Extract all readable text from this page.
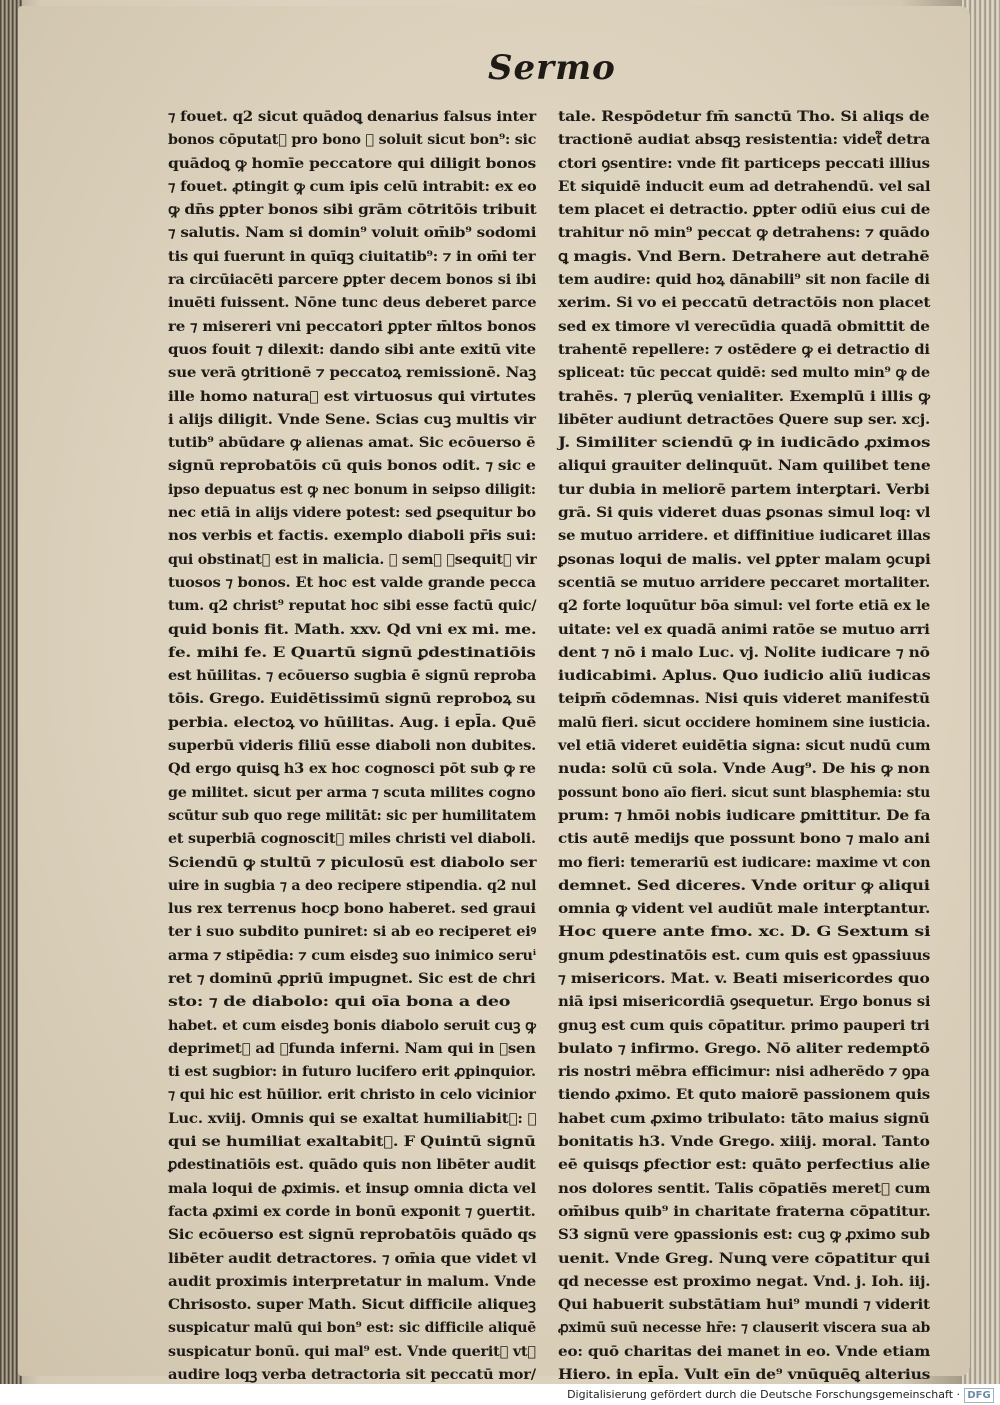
Sermo
⁊ fouet. q2 sicut quādoꝗ denarius falsus inter
bonos cōputat᷑ pro bono ⁊ soluit sicut bon⁹: sic
quādoꝗ ꝙ homīe peccatore qui diligit bonos
⁊ fouet. ꝓtingit ꝙ cum ipis celū intrabit: ex eo
ꝙ dn̄s ꝑpter bonos sibi grām cōtritōis tribuit
⁊ salutis. Nam si domin⁹ voluit om̄ib⁹ sodomi
tis qui fuerunt in quīqꝫ ciuitatib⁹: ⁊ in om̄i ter
ra circūiacēti parcere ꝑpter decem bonos si ibi
inuēti fuissent. Nōne tunc deus deberet parce
re ⁊ misereri vni peccatori ꝑpter m̄ltos bonos
quos fouit ⁊ dilexit: dando sibi ante exitū vite
sue verā ꝯtritionē ⁊ peccatoꝝ remissionē. Naꝫ
ille homo natura᷑ est virtuosus qui virtutes
i alijs diligit. Vnde Sene. Scias cuꝫ multis vir
tutib⁹ abūdare ꝙ alienas amat. Sic ecōuerso ē
signū reprobatōis cū quis bonos odit. ⁊ sic e
ipso depuatus est ꝙ nec bonum in seipso diligit:
nec etiā in alijs videre potest: sed ꝑsequitur bo
nos verbis et factis. exemplo diaboli pr̄is sui:
qui obstinat᷑ est in malicia. ⁊ semꝑ ꝑsequit᷑ vir
tuosos ⁊ bonos. Et hoc est valde grande pecca
tum. q2 christ⁹ reputat hoc sibi esse factū quic/
quid bonis fit. Math. xxv. Qd vni ex mi. me.
fe. mihi fe. E Quartū signū ꝑdestinatiōis
est hūilitas. ⁊ ecōuerso sugbia ē signū reproba
tōis. Grego. Euidētissimū signū reproboꝝ su
perbia. electoꝝ vo hūilitas. Aug. i epl̄a. Quē
superbū videris filiū esse diaboli non dubites.
Qd ergo quisꝗ h3 ex hoc cognosci pōt sub ꝙ re
ge militet. sicut per arma ⁊ scuta milites cogno
scūtur sub quo rege militāt: sic per humilitatem
et superbiā cognoscit᷑ miles christi vel diaboli.
Sciendū ꝙ stultū ⁊ piculosū est diabolo ser
uire in sugbia ⁊ a deo recipere stipendia. q2 nul
lus rex terrenus hocꝑ bono haberet. sed graui
ter i suo subdito puniret: si ab eo reciperet eiꝰ
arma ⁊ stipēdia: ⁊ cum eisdeꝫ suo inimico seruⁱ
ret ⁊ dominū ꝓpriū impugnet. Sic est de chri
sto: ⁊ de diabolo: qui oīa bona a deo
habet. et cum eisdeꝫ bonis diabolo seruit cuꝫ ꝙ
deprimet᷑ ad ꝓfunda inferni. Nam qui in ꝑsen
ti est sugbior: in futuro lucifero erit ꝓpinquior.
⁊ qui hic est hūilior. erit christo in celo vicinior
Luc. xviij. Omnis qui se exaltat humiliabit᷑: ⁊
qui se humiliat exaltabit᷑. F Quintū signū
ꝑdestinatiōis est. quādo quis non libēter audit
mala loqui de ꝓximis. et insuꝑ omnia dicta vel
facta ꝓximi ex corde in bonū exponit ⁊ ꝯuertit.
Sic ecōuerso est signū reprobatōis quādo qs
libēter audit detractores. ⁊ om̄ia que videt vl
audit proximis interpretatur in malum. Vnde
Chrisosto. super Math. Sicut difficile aliqueꝫ
suspicatur malū qui bon⁹ est: sic difficile aliquē
suspicatur bonū. qui mal⁹ est. Vnde querit᷑ vtꝝ
audire loqꝫ verba detractoria sit peccatū mor/
tale. Respōdetur fm̄ sanctū Tho. Si aliqs de
tractionē audiat absqꝫ resistentia: videt᷑ detra
ctori ꝯsentire: vnde fit particeps peccati illius
Et siquidē inducit eum ad detrahendū. vel sal
tem placet ei detractio. ꝑpter odiū eius cui de
trahitur nō min⁹ peccat ꝙ detrahens: ⁊ quādo
ꝗ magis. Vnd Bern. Detrahere aut detrahē
tem audire: quid hoꝝ dānabili⁹ sit non facile di
xerim. Si vo ei peccatū detractōis non placet
sed ex timore vl verecūdia quadā obmittit de
trahentē repellere: ⁊ ostēdere ꝙ ei detractio di
spliceat: tūc peccat quidē: sed multo min⁹ ꝙ de
trahēs. ⁊ plerūꝗ venialiter. Exemplū i illis ꝙ
libēter audiunt detractōes Quere sup ser. xcj.
J. Similiter sciendū ꝙ in iudicādo ꝓximos
aliqui grauiter delinquūt. Nam quilibet tene
tur dubia in meliorē partem interꝑtari. Verbi
grā. Si quis videret duas ꝑsonas simul loq: vl
se mutuo arridere. et diffinitiue iudicaret illas
ꝑsonas loqui de malis. vel ꝑpter malam ꝯcupi
scentiā se mutuo arridere peccaret mortaliter.
q2 forte loquūtur bōa simul: vel forte etiā ex le
uitate: vel ex quadā animi ratōe se mutuo arri
dent ⁊ nō i malo Luc. vj. Nolite iudicare ⁊ nō
iudicabimi. Aplus. Quo iudicio aliū iudicas
teipm̄ cōdemnas. Nisi quis videret manifestū
malū fieri. sicut occidere hominem sine iusticia.
vel etiā videret euidētia signa: sicut nudū cum
nuda: solū cū sola. Vnde Aug⁹. De his ꝙ non
possunt bono aīo fieri. sicut sunt blasphemia: stu
prum: ⁊ hmōi nobis iudicare ꝑmittitur. De fa
ctis autē medijs que possunt bono ⁊ malo ani
mo fieri: temerariū est iudicare: maxime vt con
demnet. Sed diceres. Vnde oritur ꝙ aliqui
omnia ꝙ vident vel audiūt male interꝑtantur.
Hoc quere ante fmo. xc. D. G Sextum si
gnum ꝑdestinatōis est. cum quis est ꝯpassiuus
⁊ misericors. Mat. v. Beati misericordes quo
niā ipsi misericordiā ꝯsequetur. Ergo bonus si
gnuꝫ est cum quis cōpatitur. primo pauperi tri
bulato ⁊ infirmo. Grego. Nō aliter redemptō
ris nostri mēbra efficimur: nisi adherēdo ⁊ ꝯpa
tiendo ꝓximo. Et quto maiorē passionem quis
habet cum ꝓximo tribulato: tāto maius signū
bonitatis h3. Vnde Grego. xiiij. moral. Tanto
eē quisqs ꝑfectior est: quāto perfectius alie
nos dolores sentit. Talis cōpatiēs meret᷑ cum
om̄ibus quib⁹ in charitate fraterna cōpatitur.
S3 signū vere ꝯpassionis est: cuꝫ ꝙ ꝓximo sub
uenit. Vnde Greg. Nunꝗ vere cōpatitur qui
qd necesse est proximo negat. Vnd. j. Ioh. iij.
Qui habuerit substātiam hui⁹ mundi ⁊ viderit
ꝓximū suū necesse hr̄e: ⁊ clauserit viscera sua ab
eo: quō charitas dei manet in eo. Vnde etiam
Hiero. in epl̄a. Vult eīn de⁹ vnūquēꝗ alterius
Digitalisierung gefördert durch die Deutsche Forschungsgemeinschaft · DFG
